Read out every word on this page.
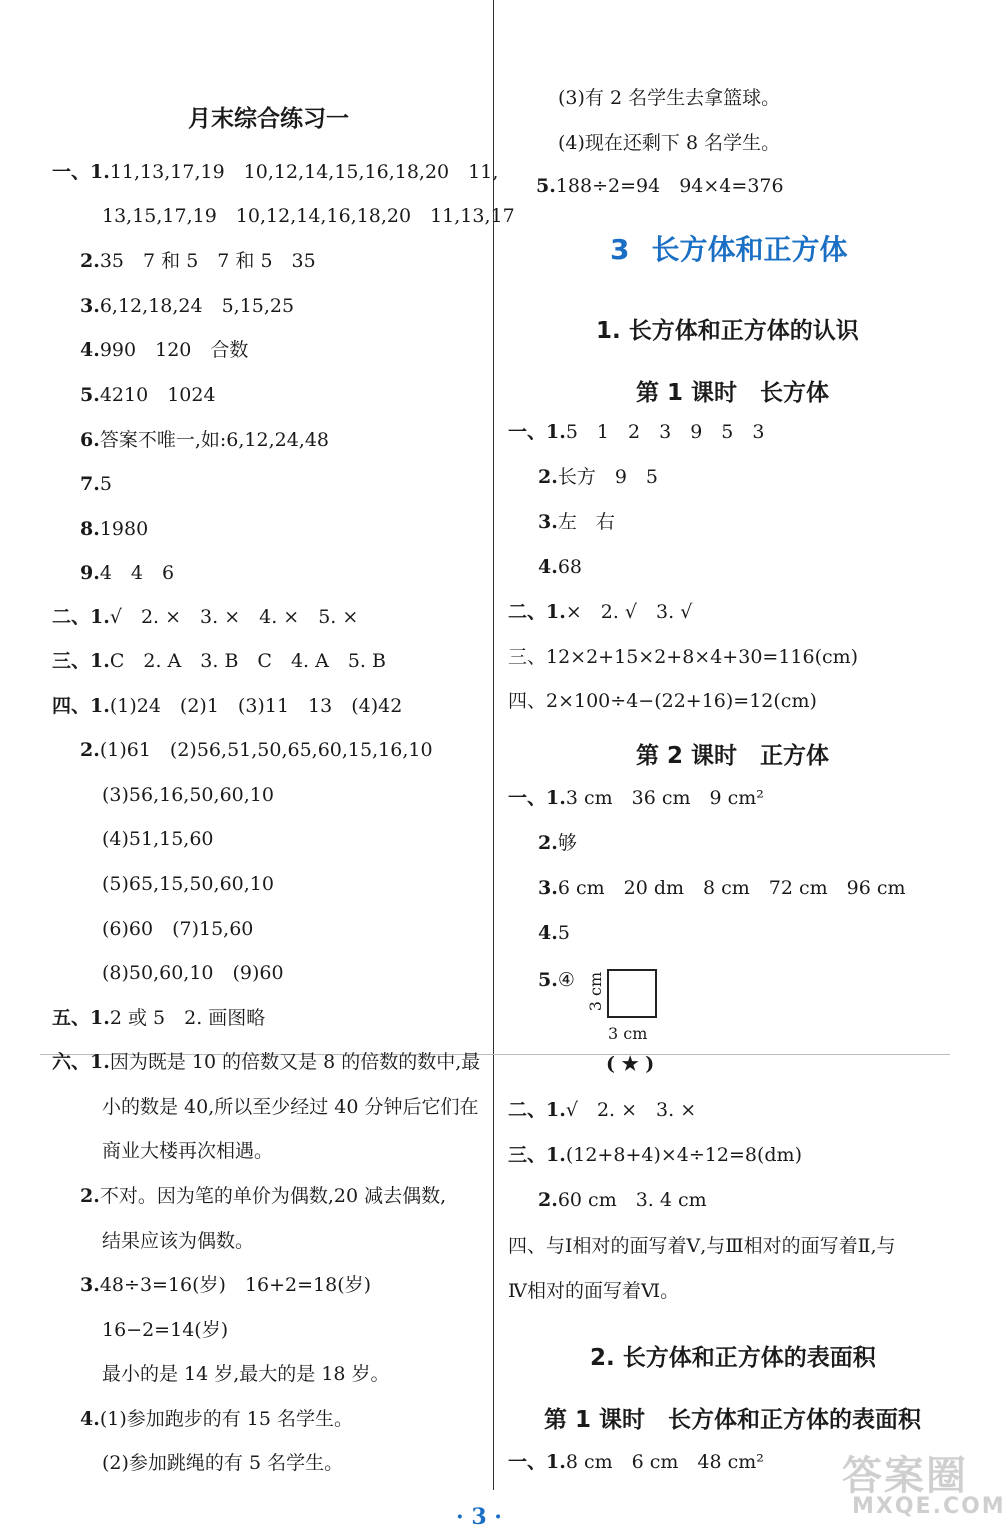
月末综合练习一
一、1.11,13,17,19　10,12,14,15,16,18,20　11,
13,15,17,19　10,12,14,16,18,20　11,13,17
2.35　7 和 5　7 和 5　35
3.6,12,18,24　5,15,25
4.990　120　合数
5.4210　1024
6.答案不唯一,如:6,12,24,48
7.5
8.1980
9.4　4　6
二、1.√　2. ×　3. ×　4. ×　5. ×
三、1.C　2. A　3. B　C　4. A　5. B
四、1.(1)24　(2)1　(3)11　13　(4)42
2.(1)61　(2)56,51,50,65,60,15,16,10
(3)56,16,50,60,10
(4)51,15,60
(5)65,15,50,60,10
(6)60　(7)15,60
(8)50,60,10　(9)60
五、1.2 或 5　2. 画图略
六、1.因为既是 10 的倍数又是 8 的倍数的数中,最
小的数是 40,所以至少经过 40 分钟后它们在
商业大楼再次相遇。
2.不对。因为笔的单价为偶数,20 减去偶数,
结果应该为偶数。
3.48÷3=16(岁)　16+2=18(岁)
16−2=14(岁)
最小的是 14 岁,最大的是 18 岁。
4.(1)参加跑步的有 15 名学生。
(2)参加跳绳的有 5 名学生。
(3)有 2 名学生去拿篮球。
(4)现在还剩下 8 名学生。
5.188÷2=94　94×4=376
3 长方体和正方体
1. 长方体和正方体的认识
第 1 课时　长方体
一、1.5　1　2　3　9　5　3
2.长方　9　5
3.左　右
4.68
二、1.×　2. √　3. √
三、12×2+15×2+8×4+30=116(cm)
四、2×100÷4−(22+16)=12(cm)
第 2 课时　正方体
一、1.3 cm　36 cm　9 cm²
2.够
3.6 cm　20 dm　8 cm　72 cm　96 cm
4.5
5.④ 3 cm
3 cm
( ★ )
二、1.√　2. ×　3. ×
三、1.(12+8+4)×4÷12=8(dm)
2.60 cm　3. 4 cm
四、与Ⅰ相对的面写着Ⅴ,与Ⅲ相对的面写着Ⅱ,与
Ⅳ相对的面写着Ⅵ。
2. 长方体和正方体的表面积
第 1 课时　长方体和正方体的表面积
一、1.8 cm　6 cm　48 cm²
· 3 ·
答案圈
MXQE.COM
